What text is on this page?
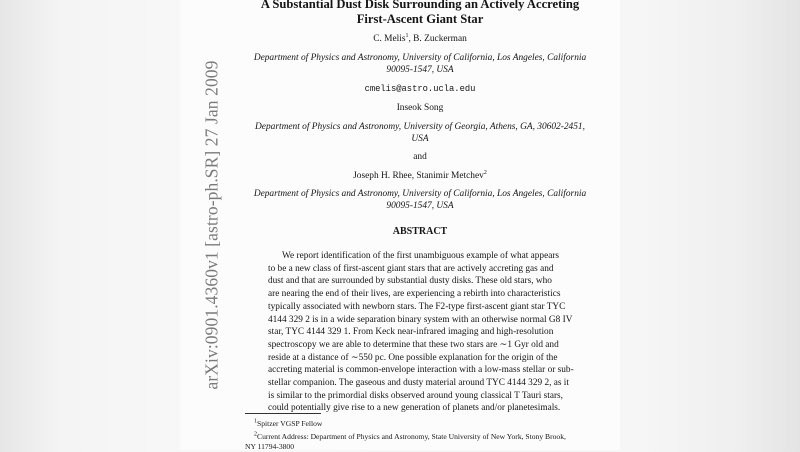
arXiv:0901.4360v1 [astro-ph.SR] 27 Jan 2009
A Substantial Dust Disk Surrounding an Actively Accreting
First-Ascent Giant Star
C. Melis$^1$, B. Zuckerman
Department of Physics and Astronomy, University of California, Los Angeles, California
90095-1547, USA
cmelis@astro.ucla.edu
Inseok Song
Department of Physics and Astronomy, University of Georgia, Athens, GA, 30602-2451,
USA
and
Joseph H. Rhee, Stanimir Metchev$^2$
Department of Physics and Astronomy, University of California, Los Angeles, California
90095-1547, USA
ABSTRACT
We report identification of the first unambiguous example of what appears
to be a new class of first-ascent giant stars that are actively accreting gas and
dust and that are surrounded by substantial dusty disks. These old stars, who
are nearing the end of their lives, are experiencing a rebirth into characteristics
typically associated with newborn stars. The F2-type first-ascent giant star TYC
4144 329 2 is in a wide separation binary system with an otherwise normal G8 IV
star, TYC 4144 329 1. From Keck near-infrared imaging and high-resolution
spectroscopy we are able to determine that these two stars are ∼1 Gyr old and
reside at a distance of ∼550 pc. One possible explanation for the origin of the
accreting material is common-envelope interaction with a low-mass stellar or sub-
stellar companion. The gaseous and dusty material around TYC 4144 329 2, as it
is similar to the primordial disks observed around young classical T Tauri stars,
could potentially give rise to a new generation of planets and/or planetesimals.
$^1$Spitzer VGSP Fellow
$^2$Current Address: Department of Physics and Astronomy, State University of New York, Stony Brook,
NY 11794-3800
